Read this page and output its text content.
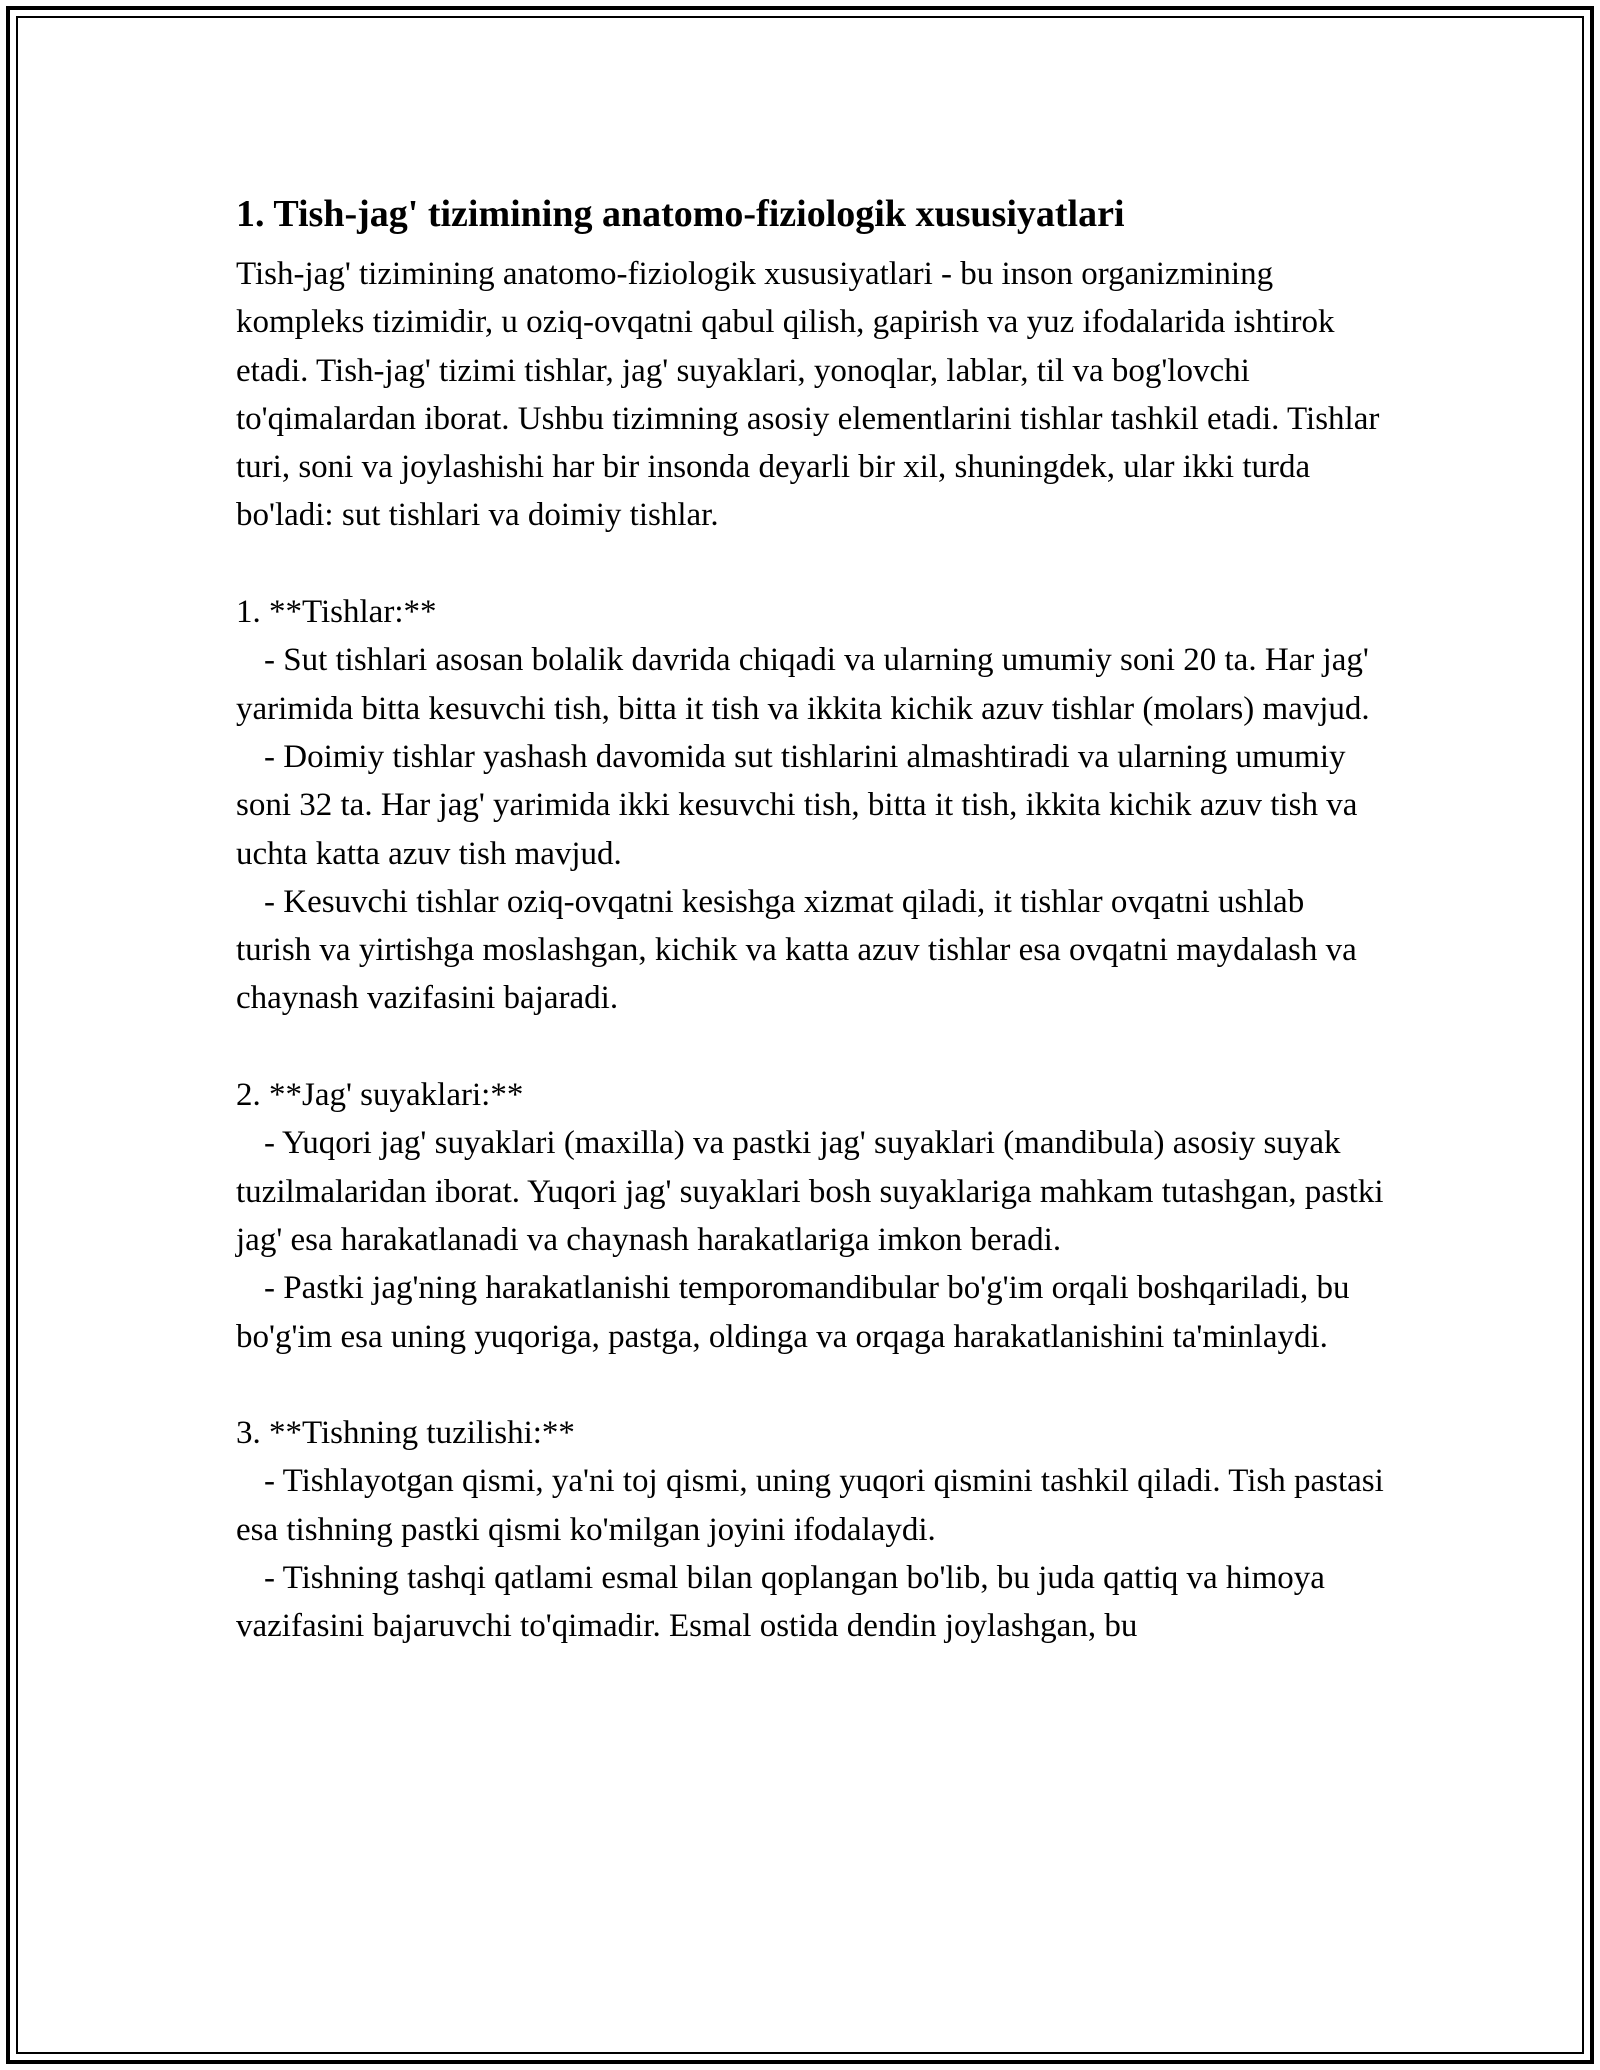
1. Tish-jag' tizimining anatomo-fiziologik xususiyatlari

Tish-jag' tizimining anatomo-fiziologik xususiyatlari - bu inson organizmining kompleks tizimidir, u oziq-ovqatni qabul qilish, gapirish va yuz ifodalarida ishtirok etadi. Tish-jag' tizimi tishlar, jag' suyaklari, yonoqlar, lablar, til va bog'lovchi to'qimalardan iborat. Ushbu tizimning asosiy elementlarini tishlar tashkil etadi. Tishlar turi, soni va joylashishi har bir insonda deyarli bir xil, shuningdek, ular ikki turda bo'ladi: sut tishlari va doimiy tishlar.

1. **Tishlar:**

- Sut tishlari asosan bolalik davrida chiqadi va ularning umumiy soni 20 ta. Har jag' yarimida bitta kesuvchi tish, bitta it tish va ikkita kichik azuv tishlar (molars) mavjud.

- Doimiy tishlar yashash davomida sut tishlarini almashtiradi va ularning umumiy soni 32 ta. Har jag' yarimida ikki kesuvchi tish, bitta it tish, ikkita kichik azuv tish va uchta katta azuv tish mavjud.

- Kesuvchi tishlar oziq-ovqatni kesishga xizmat qiladi, it tishlar ovqatni ushlab turish va yirtishga moslashgan, kichik va katta azuv tishlar esa ovqatni maydalash va chaynash vazifasini bajaradi.

2. **Jag' suyaklari:**

- Yuqori jag' suyaklari (maxilla) va pastki jag' suyaklari (mandibula) asosiy suyak tuzilmalaridan iborat. Yuqori jag' suyaklari bosh suyaklariga mahkam tutashgan, pastki jag' esa harakatlanadi va chaynash harakatlariga imkon beradi.

- Pastki jag'ning harakatlanishi temporomandibular bo'g'im orqali boshqariladi, bu bo'g'im esa uning yuqoriga, pastga, oldinga va orqaga harakatlanishini ta'minlaydi.

3. **Tishning tuzilishi:**

- Tishlayotgan qismi, ya'ni toj qismi, uning yuqori qismini tashkil qiladi. Tish pastasi esa tishning pastki qismi ko'milgan joyini ifodalaydi.

- Tishning tashqi qatlami esmal bilan qoplangan bo'lib, bu juda qattiq va himoya vazifasini bajaruvchi to'qimadir. Esmal ostida dendin joylashgan, bu
